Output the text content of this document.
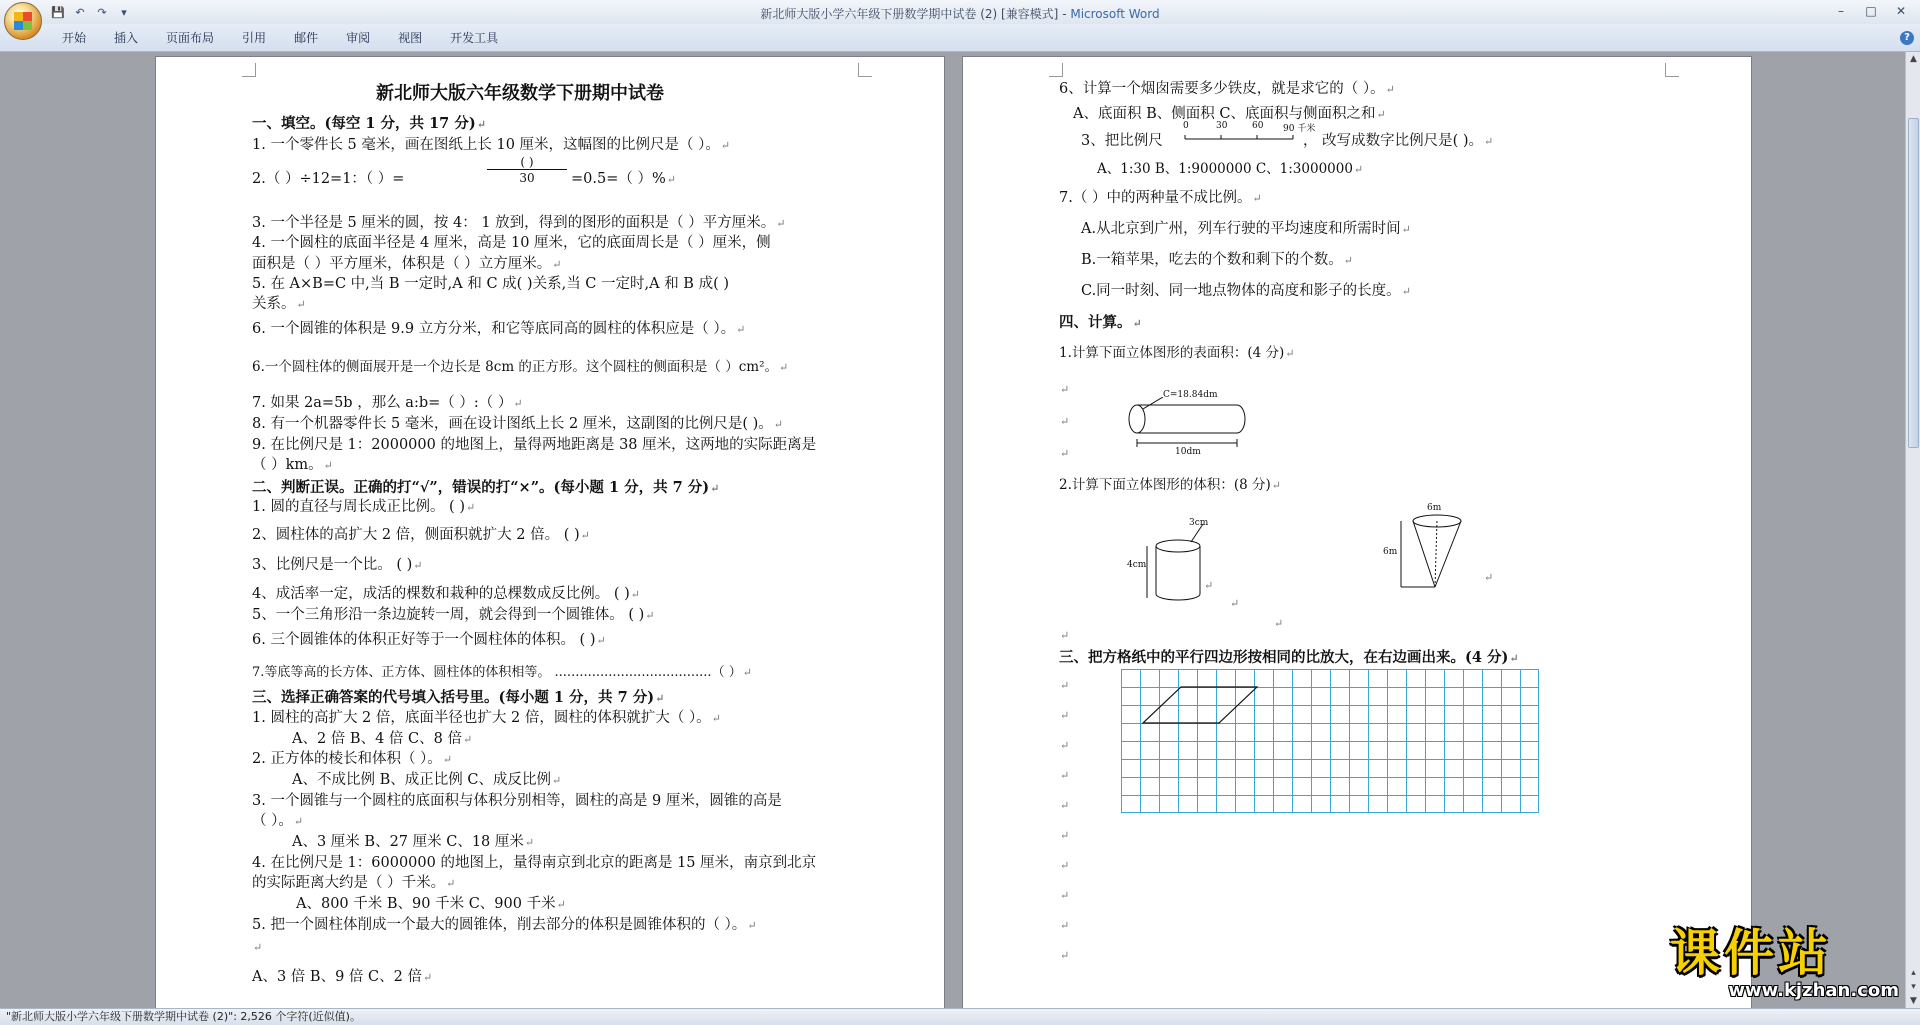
💾 ↶	↷	▾	新北师大版小学六年级下册数学期中试卷 (2) [兼容模式] - Microsoft Word	–	□	✕
开始	插入	页面布局	引用	邮件	审阅	视图	开发工具	?
新北师大版六年级数学下册期中试卷
一、填空。(每空 1 分，共 17 分)↵
1. 一个零件长 5 毫米，画在图纸上长 10 厘米，这幅图的比例尺是（ ）。↵
2.（ ）÷12=1：（ ）=
( )
30	=0.5=（ ）%↵
3. 一个半径是 5 厘米的圆，按 4： 1 放到，得到的图形的面积是（ ）平方厘米。↵
4. 一个圆柱的底面半径是 4 厘米，高是 10 厘米，它的底面周长是（ ）厘米，侧
面积是（ ）平方厘米，体积是（ ）立方厘米。↵
5. 在 A×B=C 中,当 B 一定时,A 和 C 成( )关系,当 C 一定时,A 和 B 成( )
关系。↵
6. 一个圆锥的体积是 9.9 立方分米，和它等底同高的圆柱的体积应是（ ）。↵
6.一个圆柱体的侧面展开是一个边长是 8cm 的正方形。这个圆柱的侧面积是（ ）cm²。↵
7. 如果 2a=5b ，那么 a:b=（ ）:（ ）↵
8. 有一个机器零件长 5 毫米，画在设计图纸上长 2 厘米，这副图的比例尺是( )。↵
9. 在比例尺是 1：2000000 的地图上，量得两地距离是 38 厘米，这两地的实际距离是
（ ）km。↵
二、判断正误。正确的打“√”，错误的打“×”。(每小题 1 分，共 7 分)↵
1. 圆的直径与周长成正比例。 ( )↵
2、圆柱体的高扩大 2 倍，侧面积就扩大 2 倍。 ( )↵
3、比例尺是一个比。 ( )↵
4、成活率一定，成活的棵数和栽种的总棵数成反比例。 ( )↵
5、一个三角形沿一条边旋转一周，就会得到一个圆锥体。 ( )↵
6. 三个圆锥体的体积正好等于一个圆柱体的体积。 ( )↵
7.等底等高的长方体、正方体、圆柱体的体积相等。 ......................................（ ）↵
三、选择正确答案的代号填入括号里。(每小题 1 分，共 7 分)↵
1. 圆柱的高扩大 2 倍，底面半径也扩大 2 倍，圆柱的体积就扩大（ ）。↵
A、2 倍 B、4 倍 C、8 倍↵
2. 正方体的棱长和体积（ ）。↵
A、不成比例 B、成正比例 C、成反比例↵
3. 一个圆锥与一个圆柱的底面积与体积分别相等，圆柱的高是 9 厘米，圆锥的高是
（ ）。↵
A、3 厘米 B、27 厘米 C、18 厘米↵
4. 在比例尺是 1：6000000 的地图上，量得南京到北京的距离是 15 厘米，南京到北京
的实际距离大约是（ ）千米。↵
A、800 千米 B、90 千米 C、900 千米↵
5. 把一个圆柱体削成一个最大的圆锥体，削去部分的体积是圆锥体积的（ ）。↵
↵
A、3 倍 B、9 倍 C、2 倍↵
6、计算一个烟囱需要多少铁皮，就是求它的（ ）。↵
A、底面积 B、侧面积 C、底面积与侧面积之和↵
3、把比例尺
0	30	60 90 千米
， 改写成数字比例尺是( )。↵
A、1:30 B、1:9000000 C、1:3000000↵
7.（ ）中的两种量不成比例。↵
A.从北京到广州，列车行驶的平均速度和所需时间↵
B.一箱苹果，吃去的个数和剩下的个数。↵
C.同一时刻、同一地点物体的高度和影子的长度。↵
四、计算。↵
1.计算下面立体图形的表面积：(4 分)↵
↵
↵
↵
C=18.84dm
10dm
2.计算下面立体图形的体积：(8 分)↵
3cm
4cm
6m
6m
↵
↵
↵
↵
↵
三、把方格纸中的平行四边形按相同的比放大，在右边画出来。(4 分)↵
↵
↵
↵
↵
↵
↵
↵
↵
↵
↵
▲
▴
▾
▼
课件站
www.kjzhan.com
"新北师大版小学六年级下册数学期中试卷 (2)": 2,526 个字符(近似值)。
